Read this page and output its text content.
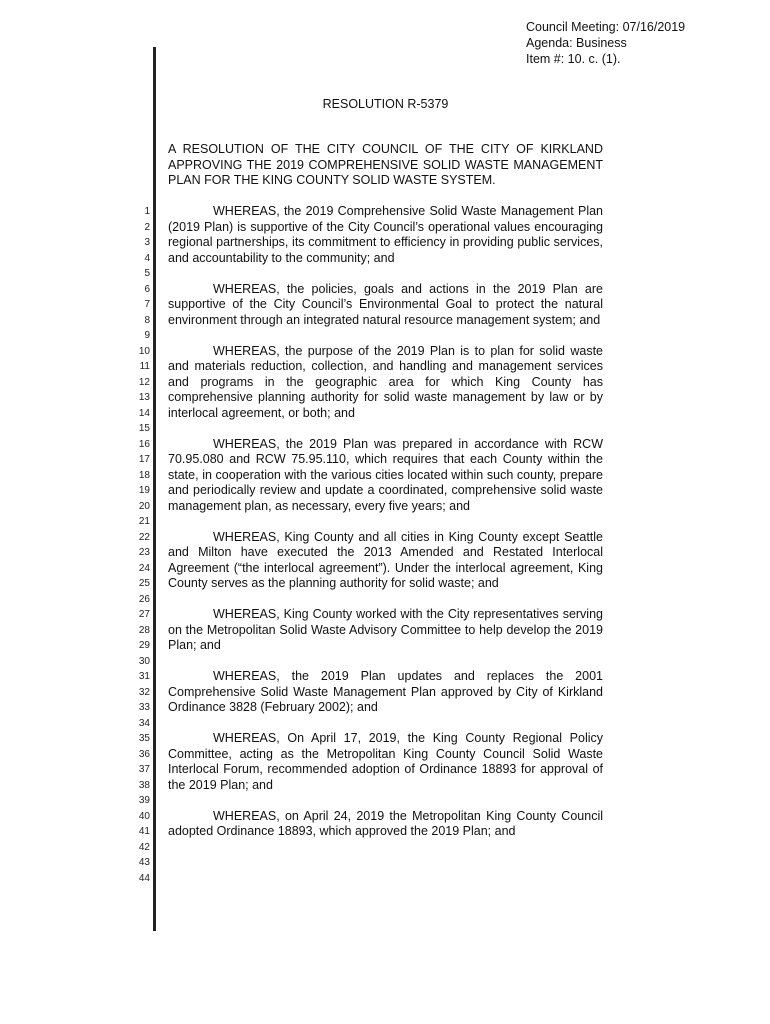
Council Meeting: 07/16/2019
Agenda: Business
Item #: 10. c. (1).
RESOLUTION R-5379
A RESOLUTION OF THE CITY COUNCIL OF THE CITY OF KIRKLAND APPROVING THE 2019 COMPREHENSIVE SOLID WASTE MANAGEMENT PLAN FOR THE KING COUNTY SOLID WASTE SYSTEM.
1
2
3
4
5
6
7
8
9
10
11
12
13
14
15
16
17
18
19
20
21
22
23
24
25
26
27
28
29
30
31
32
33
34
35
36
37
38
39
40
41
42
43
44

WHEREAS, the 2019 Comprehensive Solid Waste Management Plan (2019 Plan) is supportive of the City Council’s operational values encouraging regional partnerships, its commitment to efficiency in providing public services, and accountability to the community; and

WHEREAS, the policies, goals and actions in the 2019 Plan are supportive of the City Council’s Environmental Goal to protect the natural environment through an integrated natural resource management system; and

WHEREAS, the purpose of the 2019 Plan is to plan for solid waste and materials reduction, collection, and handling and management services and programs in the geographic area for which King County has comprehensive planning authority for solid waste management by law or by interlocal agreement, or both; and

WHEREAS, the 2019 Plan was prepared in accordance with RCW 70.95.080 and RCW 75.95.110, which requires that each County within the state, in cooperation with the various cities located within such county, prepare and periodically review and update a coordinated, comprehensive solid waste management plan, as necessary, every five years; and

WHEREAS, King County and all cities in King County except Seattle and Milton have executed the 2013 Amended and Restated Interlocal Agreement (“the interlocal agreement”). Under the interlocal agreement, King County serves as the planning authority for solid waste; and

WHEREAS, King County worked with the City representatives serving on the Metropolitan Solid Waste Advisory Committee to help develop the 2019 Plan; and

WHEREAS, the 2019 Plan updates and replaces the 2001 Comprehensive Solid Waste Management Plan approved by City of Kirkland Ordinance 3828 (February 2002); and

WHEREAS, On April 17, 2019, the King County Regional Policy Committee, acting as the Metropolitan King County Council Solid Waste Interlocal Forum, recommended adoption of Ordinance 18893 for approval of the 2019 Plan; and

WHEREAS, on April 24, 2019 the Metropolitan King County Council adopted Ordinance 18893, which approved the 2019 Plan; and
